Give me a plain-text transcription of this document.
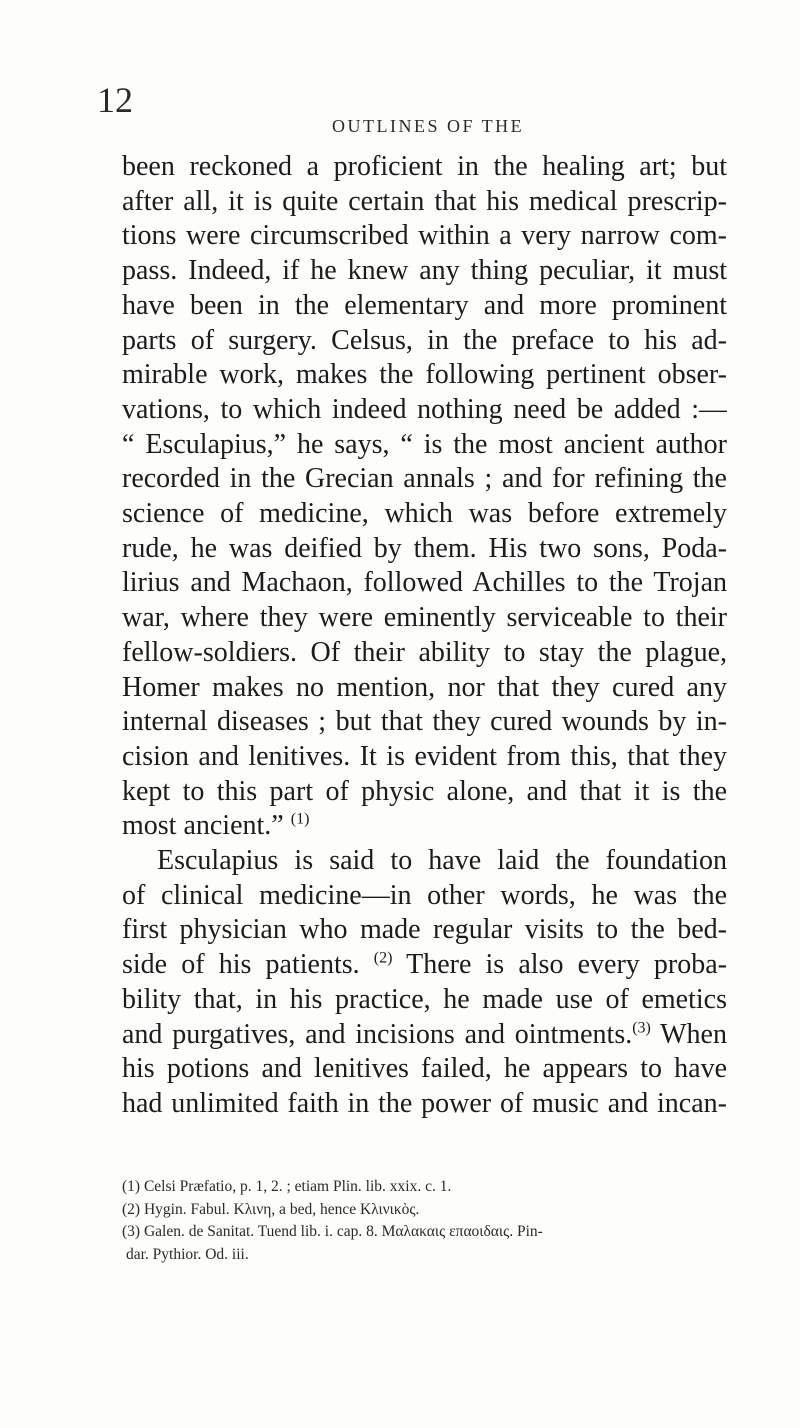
12
OUTLINES OF THE
been reckoned a proficient in the healing art; but
after all, it is quite certain that his medical prescrip-
tions were circumscribed within a very narrow com-
pass. Indeed, if he knew any thing peculiar, it must
have been in the elementary and more prominent
parts of surgery. Celsus, in the preface to his ad-
mirable work, makes the following pertinent obser-
vations, to which indeed nothing need be added :—
“ Esculapius,” he says, “ is the most ancient author
recorded in the Grecian annals ; and for refining the
science of medicine, which was before extremely
rude, he was deified by them. His two sons, Poda-
lirius and Machaon, followed Achilles to the Trojan
war, where they were eminently serviceable to their
fellow-soldiers. Of their ability to stay the plague,
Homer makes no mention, nor that they cured any
internal diseases ; but that they cured wounds by in-
cision and lenitives. It is evident from this, that they
kept to this part of physic alone, and that it is the
most ancient.” $^{(1)}$
Esculapius is said to have laid the foundation
of clinical medicine—in other words, he was the
first physician who made regular visits to the bed-
side of his patients. $^{(2)}$ There is also every proba-
bility that, in his practice, he made use of emetics
and purgatives, and incisions and ointments.$^{(3)}$ When
his potions and lenitives failed, he appears to have
had unlimited faith in the power of music and incan-
(1) Celsi Præfatio, p. 1, 2. ; etiam Plin. lib. xxix. c. 1.
(2) Hygin. Fabul. Κλινη, a bed, hence Κλινικὸς.
(3) Galen. de Sanitat. Tuend lib. i. cap. 8. Μαλακαις επαοιδαις. Pin-
dar. Pythior. Od. iii.
